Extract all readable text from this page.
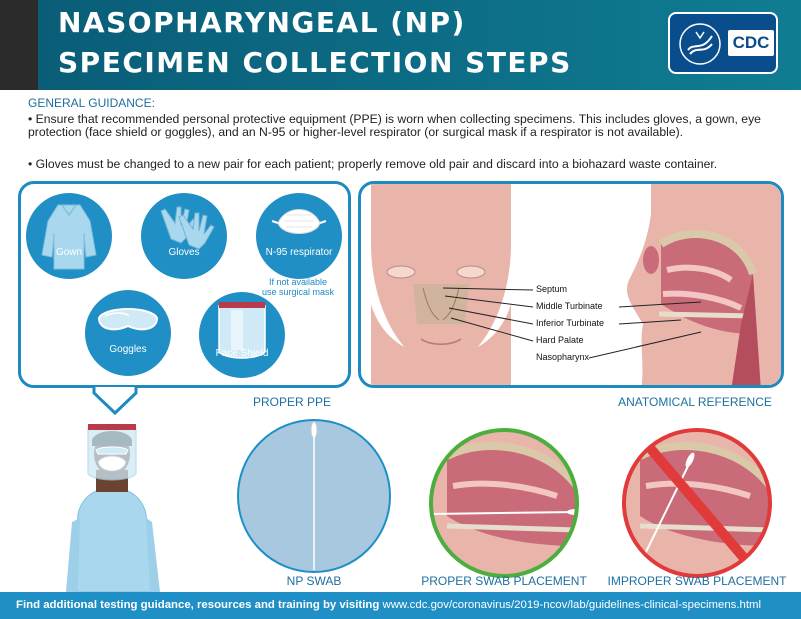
NASOPHARYNGEAL (NP)
SPECIMEN COLLECTION STEPS
CDC
GENERAL GUIDANCE:
• Ensure that recommended personal protective equipment (PPE) is worn when collecting specimens. This includes gloves, a gown, eye protection (face shield or goggles), and an N-95 or higher-level respirator (or surgical mask if a respirator is not available).
• Gloves must be changed to a new pair for each patient; properly remove old pair and discard into a biohazard waste container.
Gown	Gloves	N-95 respirator
If not available
use surgical mask
Goggles	Face Shield
PROPER PPE
Septum
Middle Turbinate
Inferior Turbinate
Hard Palate
Nasopharynx
ANATOMICAL REFERENCE
NP SWAB	PROPER SWAB PLACEMENT IMPROPER SWAB PLACEMENT
Find additional testing guidance, resources and training by visiting www.cdc.gov/coronavirus/2019-ncov/lab/guidelines-clinical-specimens.html
